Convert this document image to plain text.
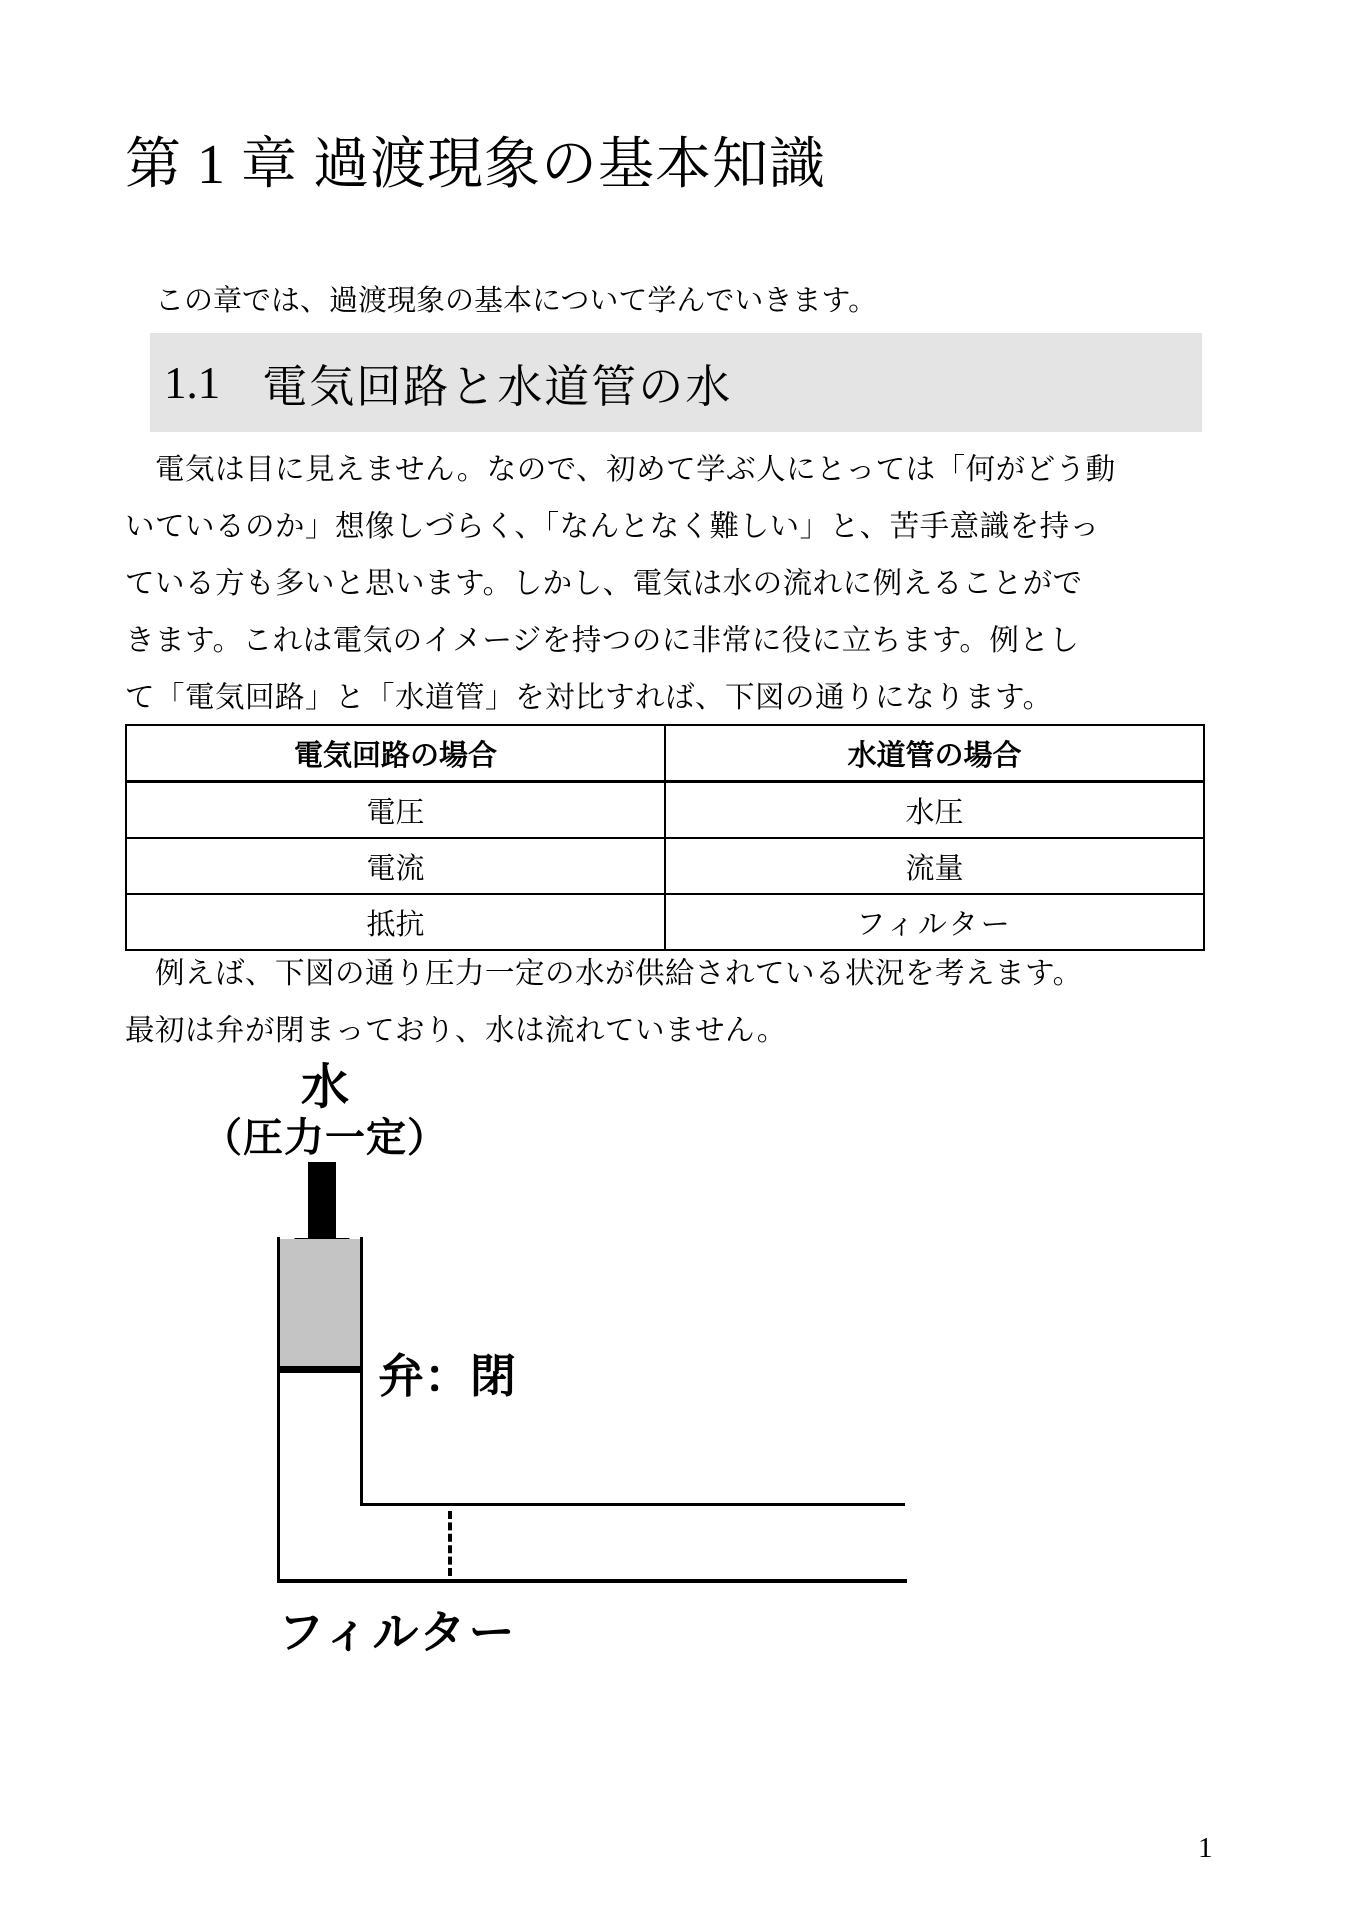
第 1 章 過渡現象の基本知識
この章では、過渡現象の基本について学んでいきます。
1.1 電気回路と水道管の水
電気は目に見えません。なので、初めて学ぶ人にとっては「何がどう動
いているのか」想像しづらく、「なんとなく難しい」と、苦手意識を持っ
ている方も多いと思います。しかし、電気は水の流れに例えることがで
きます。これは電気のイメージを持つのに非常に役に立ちます。例とし
て「電気回路」と「水道管」を対比すれば、下図の通りになります。
電気回路の場合	水道管の場合
電圧	水圧
電流	流量
抵抗	フィルター
例えば、下図の通り圧力一定の水が供給されている状況を考えます。
最初は弁が閉まっており、水は流れていません。
水
（圧力一定）
弁：閉
フィルター
1
